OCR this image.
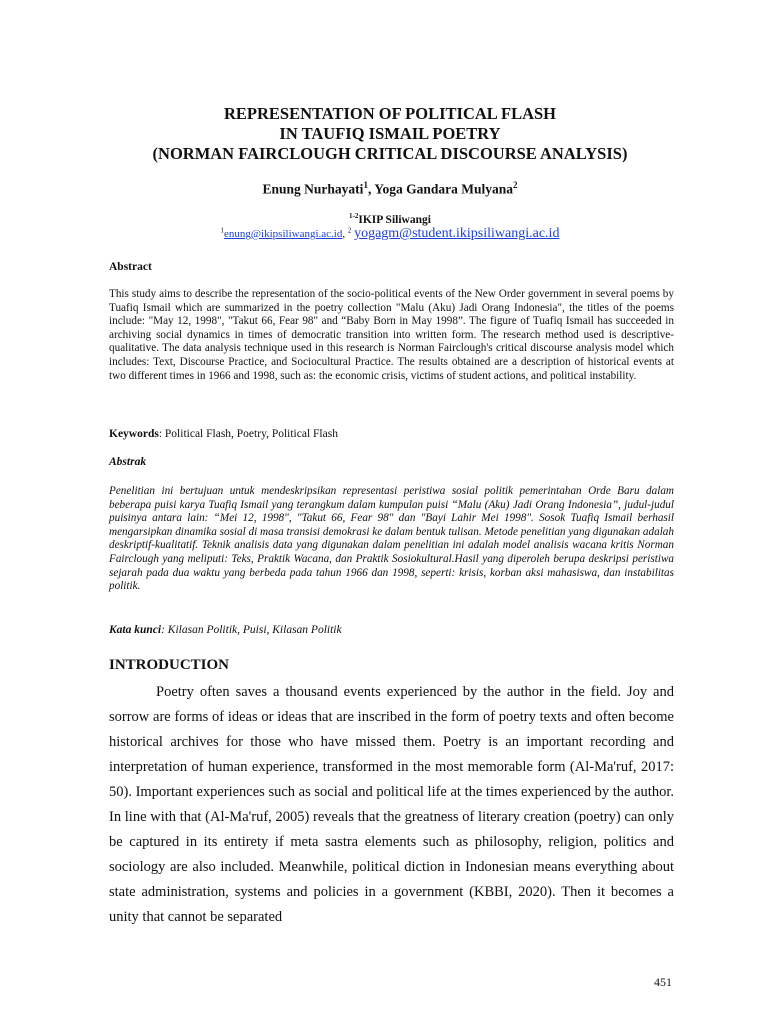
REPRESENTATION OF POLITICAL FLASH
IN TAUFIQ ISMAIL POETRY
(NORMAN FAIRCLOUGH CRITICAL DISCOURSE ANALYSIS)
Enung Nurhayati$^1$, Yoga Gandara Mulyana$^2$
$^{1-2}$IKIP Siliwangi
$^1$enung@ikipsiliwangi.ac.id, $^2$ yogagm@student.ikipsiliwangi.ac.id
Abstract
This study aims to describe the representation of the socio-political events of the New Order government in several poems by Tuafiq Ismail which are summarized in the poetry collection "Malu (Aku) Jadi Orang Indonesia", the titles of the poems include: "May 12, 1998", "Takut 66, Fear 98" and “Baby Born in May 1998”. The figure of Tuafiq Ismail has succeeded in archiving social dynamics in times of democratic transition into written form. The research method used is descriptive-qualitative. The data analysis technique used in this research is Norman Fairclough's critical discourse analysis model which includes: Text, Discourse Practice, and Sociocultural Practice. The results obtained are a description of historical events at two different times in 1966 and 1998, such as: the economic crisis, victims of student actions, and political instability.
Keywords: Political Flash, Poetry, Political Flash
Abstrak
Penelitian ini bertujuan untuk mendeskripsikan representasi peristiwa sosial politik pemerintahan Orde Baru dalam beberapa puisi karya Tuafiq Ismail yang terangkum dalam kumpulan puisi “Malu (Aku) Jadi Orang Indonesia”, judul-judul puisinya antara lain: “Mei 12, 1998", "Takut 66, Fear 98" dan "Bayi Lahir Mei 1998". Sosok Tuafiq Ismail berhasil mengarsipkan dinamika sosial di masa transisi demokrasi ke dalam bentuk tulisan. Metode penelitian yang digunakan adalah deskriptif-kualitatif. Teknik analisis data yang digunakan dalam penelitian ini adalah model analisis wacana kritis Norman Fairclough yang meliputi: Teks, Praktik Wacana, dan Praktik Sosiokultural.Hasil yang diperoleh berupa deskripsi peristiwa sejarah pada dua waktu yang berbeda pada tahun 1966 dan 1998, seperti: krisis, korban aksi mahasiswa, dan instabilitas politik.
Kata kunci: Kilasan Politik, Puisi, Kilasan Politik
INTRODUCTION
Poetry often saves a thousand events experienced by the author in the field. Joy and sorrow are forms of ideas or ideas that are inscribed in the form of poetry texts and often become historical archives for those who have missed them. Poetry is an important recording and interpretation of human experience, transformed in the most memorable form (Al-Ma'ruf, 2017: 50). Important experiences such as social and political life at the times experienced by the author. In line with that (Al-Ma'ruf, 2005) reveals that the greatness of literary creation (poetry) can only be captured in its entirety if meta sastra elements such as philosophy, religion, politics and sociology are also included. Meanwhile, political diction in Indonesian means everything about state administration, systems and policies in a government (KBBI, 2020). Then it becomes a unity that cannot be separated
451
